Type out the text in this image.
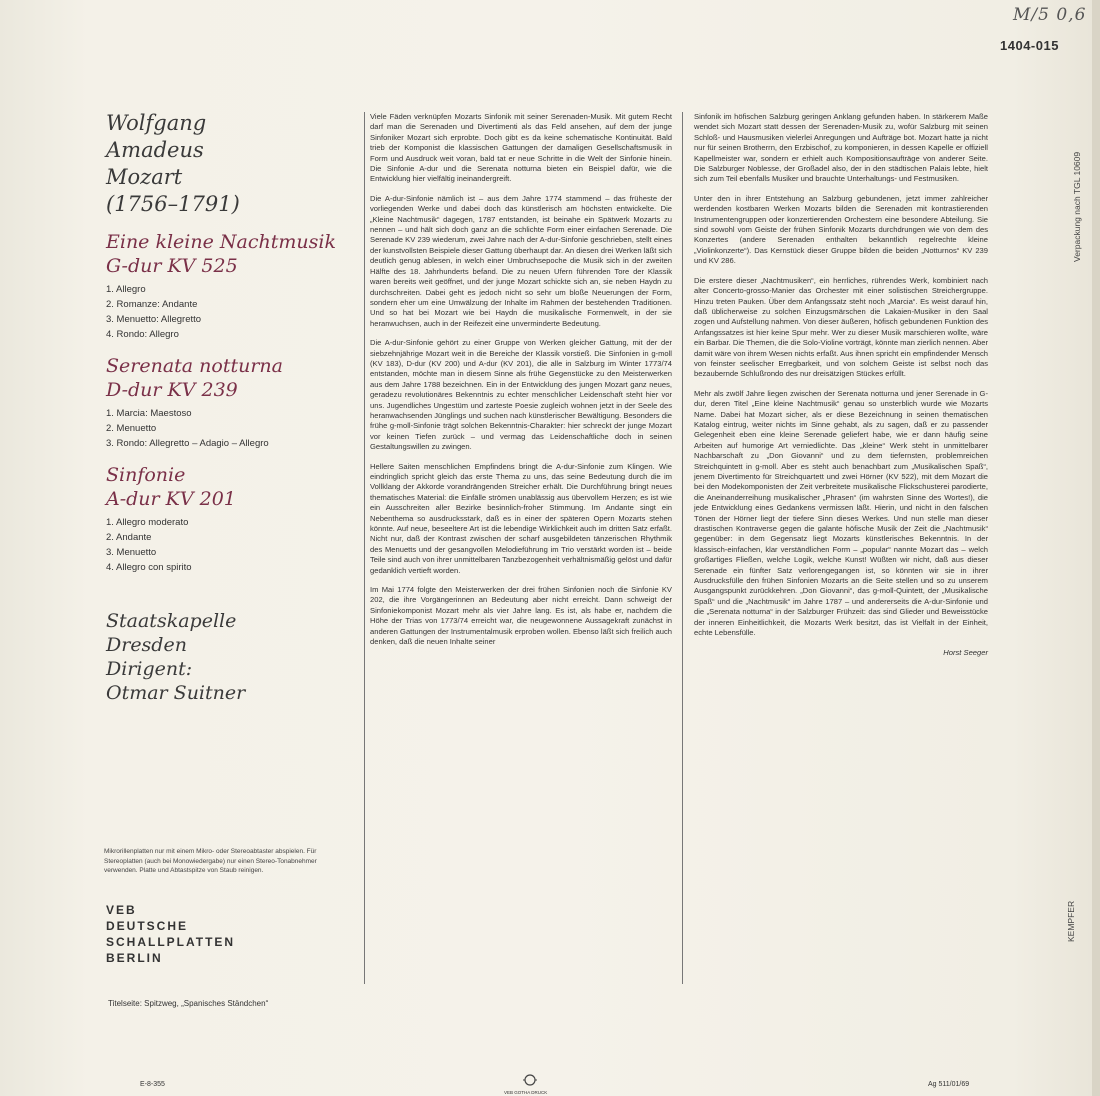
M/5 0,6
1404-015
Verpackung nach TGL 10609
KEMPFER
Wolfgang
Amadeus
Mozart
(1756–1791)
Eine kleine Nachtmusik
G-dur KV 525
1. Allegro
2. Romanze: Andante
3. Menuetto: Allegretto
4. Rondo: Allegro
Serenata notturna
D-dur KV 239
1. Marcia: Maestoso
2. Menuetto
3. Rondo: Allegretto – Adagio – Allegro
Sinfonie
A-dur KV 201
1. Allegro moderato
2. Andante
3. Menuetto
4. Allegro con spirito
Staatskapelle
Dresden
Dirigent:
Otmar Suitner
Mikrorillenplatten nur mit einem Mikro- oder Stereoabtaster abspielen. Für Stereoplatten (auch bei Monowiedergabe) nur einen Stereo-Tonabnehmer verwenden. Platte und Abtastspitze von Staub reinigen.
VEB
DEUTSCHE
SCHALLPLATTEN
BERLIN
Titelseite: Spitzweg, „Spanisches Ständchen“

Viele Fäden verknüpfen Mozarts Sinfonik mit seiner Serenaden-Musik. Mit gutem Recht darf man die Serenaden und Divertimenti als das Feld ansehen, auf dem der junge Sinfoniker Mozart sich erprobte. Doch gibt es da keine schematische Kontinuität. Bald trieb der Komponist die klassischen Gattungen der damaligen Gesellschaftsmusik in Form und Ausdruck weit voran, bald tat er neue Schritte in die Welt der Sinfonie hinein. Die Sinfonie A-dur und die Serenata notturna bieten ein Beispiel dafür, wie die Entwicklung hier vielfältig ineinandergreift.

Die A-dur-Sinfonie nämlich ist – aus dem Jahre 1774 stammend – das früheste der vorliegenden Werke und dabei doch das künstlerisch am höchsten entwickelte. Die „Kleine Nachtmusik“ dagegen, 1787 entstanden, ist beinahe ein Spätwerk Mozarts zu nennen – und hält sich doch ganz an die schlichte Form einer einfachen Serenade. Die Serenade KV 239 wiederum, zwei Jahre nach der A-dur-Sinfonie geschrieben, stellt eines der kunstvollsten Beispiele dieser Gattung überhaupt dar. An diesen drei Werken läßt sich deutlich genug ablesen, in welch einer Umbruchsepoche die Musik sich in der zweiten Hälfte des 18. Jahrhunderts befand. Die zu neuen Ufern führenden Tore der Klassik waren bereits weit geöffnet, und der junge Mozart schickte sich an, sie neben Haydn zu durchschreiten. Dabei geht es jedoch nicht so sehr um bloße Neuerungen der Form, sondern eher um eine Umwälzung der Inhalte im Rahmen der bestehenden Traditionen. Und so hat bei Mozart wie bei Haydn die musikalische Formenwelt, in der sie heranwuchsen, auch in der Reifezeit eine unverminderte Bedeutung.

Die A-dur-Sinfonie gehört zu einer Gruppe von Werken gleicher Gattung, mit der der siebzehnjährige Mozart weit in die Bereiche der Klassik vorstieß. Die Sinfonien in g-moll (KV 183), D-dur (KV 200) und A-dur (KV 201), die alle in Salzburg im Winter 1773/74 entstanden, möchte man in diesem Sinne als frühe Gegenstücke zu den Meisterwerken aus dem Jahre 1788 bezeichnen. Ein in der Entwicklung des jungen Mozart ganz neues, geradezu revolutionäres Bekenntnis zu echter menschlicher Leidenschaft steht hier vor uns. Jugendliches Ungestüm und zarteste Poesie zugleich wohnen jetzt in der Seele des heranwachsenden Jünglings und suchen nach künstlerischer Bewältigung. Besonders die frühe g-moll-Sinfonie trägt solchen Bekenntnis-Charakter: hier schreckt der junge Mozart vor keinen Tiefen zurück – und vermag das Leidenschaftliche doch in seinen Gestaltungswillen zu zwingen.

Hellere Saiten menschlichen Empfindens bringt die A-dur-Sinfonie zum Klingen. Wie eindringlich spricht gleich das erste Thema zu uns, das seine Bedeutung durch die im Vollklang der Akkorde vorandrängenden Streicher erhält. Die Durchführung bringt neues thematisches Material: die Einfälle strömen unablässig aus übervollem Herzen; es ist wie ein Ausschreiten aller Bezirke besinnlich-froher Stimmung. Im Andante singt ein Nebenthema so ausdrucksstark, daß es in einer der späteren Opern Mozarts stehen könnte. Auf neue, beseeltere Art ist die lebendige Wirklichkeit auch im dritten Satz erfaßt. Nicht nur, daß der Kontrast zwischen der scharf ausgebildeten tänzerischen Rhythmik des Menuetts und der gesangvollen Melodieführung im Trio verstärkt worden ist – beide Teile sind auch von ihrer unmittelbaren Tanzbezogenheit verhältnismäßig gelöst und dafür gedanklich vertieft worden.

Im Mai 1774 folgte den Meisterwerken der drei frühen Sinfonien noch die Sinfonie KV 202, die ihre Vorgängerinnen an Bedeutung aber nicht erreicht. Dann schweigt der Sinfoniekomponist Mozart mehr als vier Jahre lang. Es ist, als habe er, nachdem die Höhe der Trias von 1773/74 erreicht war, die neugewonnene Aussagekraft zunächst in anderen Gattungen der Instrumentalmusik erproben wollen. Ebenso läßt sich freilich auch denken, daß die neuen Inhalte seiner

Sinfonik im höfischen Salzburg geringen Anklang gefunden haben. In stärkerem Maße wendet sich Mozart statt dessen der Serenaden-Musik zu, wofür Salzburg mit seinen Schloß- und Hausmusiken vielerlei Anregungen und Aufträge bot. Mozart hatte ja nicht nur für seinen Brotherrn, den Erzbischof, zu komponieren, in dessen Kapelle er offiziell Kapellmeister war, sondern er erhielt auch Kompositionsaufträge von anderer Seite. Die Salzburger Noblesse, der Großadel also, der in den städtischen Palais lebte, hielt sich zum Teil ebenfalls Musiker und brauchte Unterhaltungs- und Festmusiken.

Unter den in ihrer Entstehung an Salzburg gebundenen, jetzt immer zahlreicher werdenden kostbaren Werken Mozarts bilden die Serenaden mit kontrastierenden Instrumentengruppen oder konzertierenden Orchestern eine besondere Abteilung. Sie sind sowohl vom Geiste der frühen Sinfonik Mozarts durchdrungen wie von dem des Konzertes (andere Serenaden enthalten bekanntlich regelrechte kleine „Violinkonzerte“). Das Kernstück dieser Gruppe bilden die beiden „Notturnos“ KV 239 und KV 286.

Die erstere dieser „Nachtmusiken“, ein herrliches, rührendes Werk, kombiniert nach alter Concerto-grosso-Manier das Orchester mit einer solistischen Streichergruppe. Hinzu treten Pauken. Über dem Anfangssatz steht noch „Marcia“. Es weist darauf hin, daß üblicherweise zu solchen Einzugsmärschen die Lakaien-Musiker in den Saal zogen und Aufstellung nahmen. Von dieser äußeren, höfisch gebundenen Funktion des Anfangssatzes ist hier keine Spur mehr. Wer zu dieser Musik marschieren wollte, wäre ein Barbar. Die Themen, die die Solo-Violine vorträgt, könnte man zierlich nennen. Aber damit wäre von ihrem Wesen nichts erfaßt. Aus ihnen spricht ein empfindender Mensch von feinster seelischer Erregbarkeit, und von solchem Geiste ist selbst noch das bezaubernde Schlußrondo des nur dreisätzigen Stückes erfüllt.

Mehr als zwölf Jahre liegen zwischen der Serenata notturna und jener Serenade in G-dur, deren Titel „Eine kleine Nachtmusik“ genau so unsterblich wurde wie Mozarts Name. Dabei hat Mozart sicher, als er diese Bezeichnung in seinen thematischen Katalog eintrug, weiter nichts im Sinne gehabt, als zu sagen, daß er zu passender Gelegenheit eben eine kleine Serenade geliefert habe, wie er dann häufig seine Arbeiten auf humorige Art verniedlichte. Das „kleine“ Werk steht in unmittelbarer Nachbarschaft zu „Don Giovanni“ und zu dem tiefernsten, problemreichen Streichquintett in g-moll. Aber es steht auch benachbart zum „Musikalischen Spaß“, jenem Divertimento für Streichquartett und zwei Hörner (KV 522), mit dem Mozart die bei den Modekomponisten der Zeit verbreitete musikalische Flickschusterei parodierte, die Aneinanderreihung musikalischer „Phrasen“ (im wahrsten Sinne des Wortes!), die jede Entwicklung eines Gedankens vermissen läßt. Hierin, und nicht in den falschen Tönen der Hörner liegt der tiefere Sinn dieses Werkes. Und nun stelle man dieser drastischen Kontraverse gegen die galante höfische Musik der Zeit die „Nachtmusik“ gegenüber: in dem Gegensatz liegt Mozarts künstlerisches Bekenntnis. In der klassisch-einfachen, klar verständlichen Form – „popular“ nannte Mozart das – welch großartiges Fließen, welche Logik, welche Kunst! Wüßten wir nicht, daß aus dieser Serenade ein fünfter Satz verlorengegangen ist, so könnten wir sie in ihrer Ausdrucksfülle den frühen Sinfonien Mozarts an die Seite stellen und so zu unserem Ausgangspunkt zurückkehren. „Don Giovanni“, das g-moll-Quintett, der „Musikalische Spaß“ und die „Nachtmusik“ im Jahre 1787 – und andererseits die A-dur-Sinfonie und die „Serenata notturna“ in der Salzburger Frühzeit: das sind Glieder und Beweisstücke der inneren Einheitlichkeit, die Mozarts Werk besitzt, das ist Vielfalt in der Einheit, echte Lebensfülle.

Horst Seeger

E-8-355
VEB GOTHA DRUCK
Ag 511/01/69
